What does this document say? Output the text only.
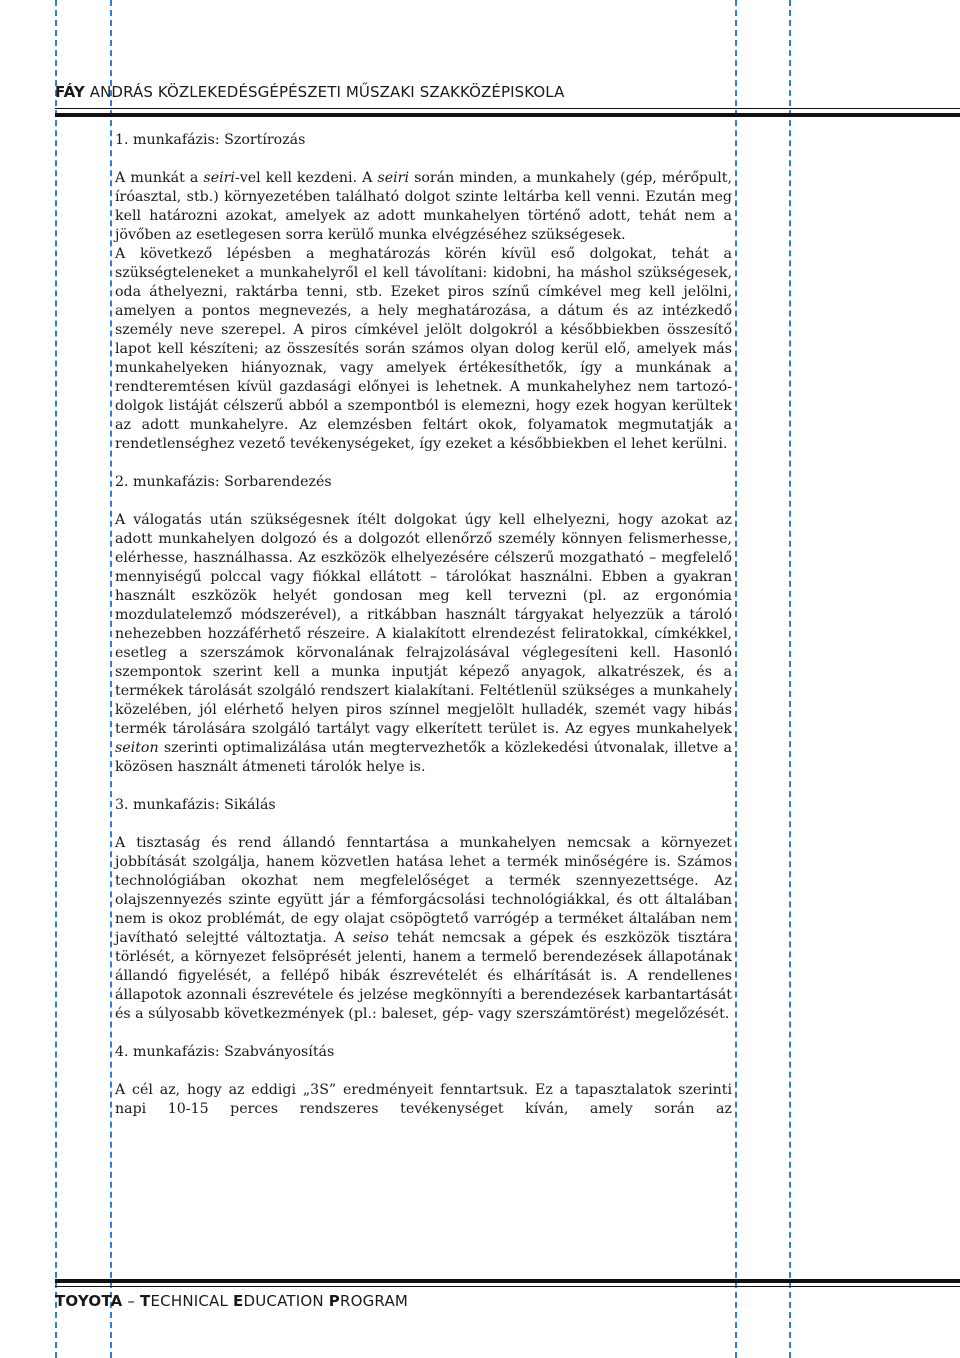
FÁY ANDRÁS KÖZLEKEDÉSGÉPÉSZETI MŰSZAKI SZAKKÖZÉPISKOLA

1. munkafázis: Szortírozás

A munkát a seiri-vel kell kezdeni. A seiri során minden, a munkahely (gép, mérőpult, íróasztal, stb.) környezetében található dolgot szinte leltárba kell venni. Ezután meg kell határozni azokat, amelyek az adott munkahelyen történő adott, tehát nem a jövőben az esetlegesen sorra kerülő munka elvégzéséhez szükségesek.

A következő lépésben a meghatározás körén kívül eső dolgokat, tehát a szükségteleneket a munkahelyről el kell távolítani: kidobni, ha máshol szükségesek, oda áthelyezni, raktárba tenni, stb. Ezeket piros színű címkével meg kell jelölni, amelyen a pontos megnevezés, a hely meghatározása, a dátum és az intézkedő személy neve szerepel. A piros címkével jelölt dolgokról a későbbiekben összesítő lapot kell készíteni; az összesítés során számos olyan dolog kerül elő, amelyek más munkahelyeken hiányoznak, vagy amelyek értékesíthetők, így a munkának a rendteremtésen kívül gazdasági előnyei is lehetnek. A munkahelyhez nem tartozó-dolgok listáját célszerű abból a szempontból is elemezni, hogy ezek hogyan kerültek az adott munkahelyre. Az elemzésben feltárt okok, folyamatok megmutatják a rendetlenséghez vezető tevékenységeket, így ezeket a későbbiekben el lehet kerülni.

2. munkafázis: Sorbarendezés

A válogatás után szükségesnek ítélt dolgokat úgy kell elhelyezni, hogy azokat az adott munkahelyen dolgozó és a dolgozót ellenőrző személy könnyen felismerhesse, elérhesse, használhassa. Az eszközök elhelyezésére célszerű mozgatható – megfelelő mennyiségű polccal vagy fiókkal ellátott – tárolókat használni. Ebben a gyakran használt eszközök helyét gondosan meg kell tervezni (pl. az ergonómia mozdulatelemző módszerével), a ritkábban használt tárgyakat helyezzük a tároló nehezebben hozzáférhető részeire. A kialakított elrendezést feliratokkal, címkékkel, esetleg a szerszámok körvonalának felrajzolásával véglegesíteni kell. Hasonló szempontok szerint kell a munka inputját képező anyagok, alkatrészek, és a termékek tárolását szolgáló rendszert kialakítani. Feltétlenül szükséges a munkahely közelében, jól elérhető helyen piros színnel megjelölt hulladék, szemét vagy hibás termék tárolására szolgáló tartályt vagy elkerített terület is. Az egyes munkahelyek seiton szerinti optimalizálása után megtervezhetők a közlekedési útvonalak, illetve a közösen használt átmeneti tárolók helye is.

3. munkafázis: Sikálás

A tisztaság és rend állandó fenntartása a munkahelyen nemcsak a környezet jobbítását szolgálja, hanem közvetlen hatása lehet a termék minőségére is. Számos technológiában okozhat nem megfelelőséget a termék szennyezettsége. Az olajszennyezés szinte együtt jár a fémforgácsolási technológiákkal, és ott általában nem is okoz problémát, de egy olajat csöpögtető varrógép a terméket általában nem javítható selejtté változtatja. A seiso tehát nemcsak a gépek és eszközök tisztára törlését, a környezet felsöprését jelenti, hanem a termelő berendezések állapotának állandó figyelését, a fellépő hibák észrevételét és elhárítását is. A rendellenes állapotok azonnali észrevétele és jelzése megkönnyíti a berendezések karbantartását és a súlyosabb következmények (pl.: baleset, gép- vagy szerszámtörést) megelőzését.

4. munkafázis: Szabványosítás

A cél az, hogy az eddigi „3S” eredményeit fenntartsuk. Ez a tapasztalatok szerinti napi 10-15 perces rendszeres tevékenységet kíván, amely során az

TOYOTA – TECHNICAL EDUCATION PROGRAM
